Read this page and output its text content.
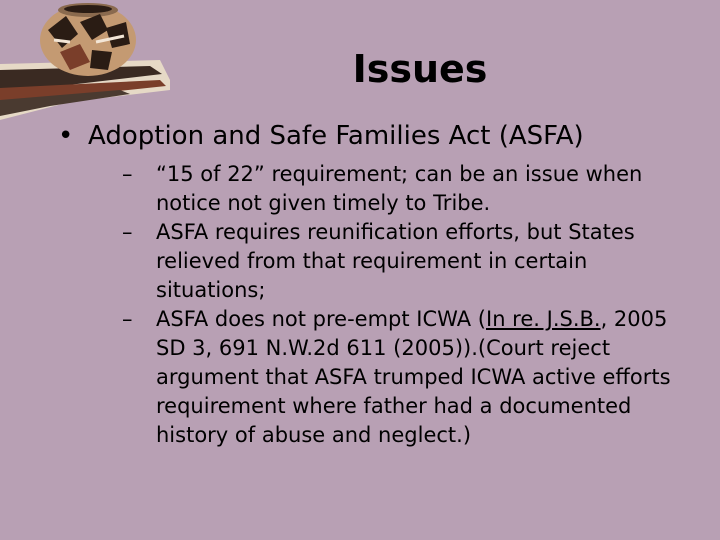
Issues
• Adoption and Safe Families Act (ASFA)
–	“15 of 22” requirement; can be an issue when notice not given timely to Tribe.
–	ASFA requires reunification efforts, but States relieved from that requirement in certain situations;
–	ASFA does not pre-empt ICWA (In re. J.S.B., 2005 SD 3, 691 N.W.2d 611 (2005)).(Court reject argument that ASFA trumped ICWA active efforts requirement where father had a documented history of abuse and neglect.)
